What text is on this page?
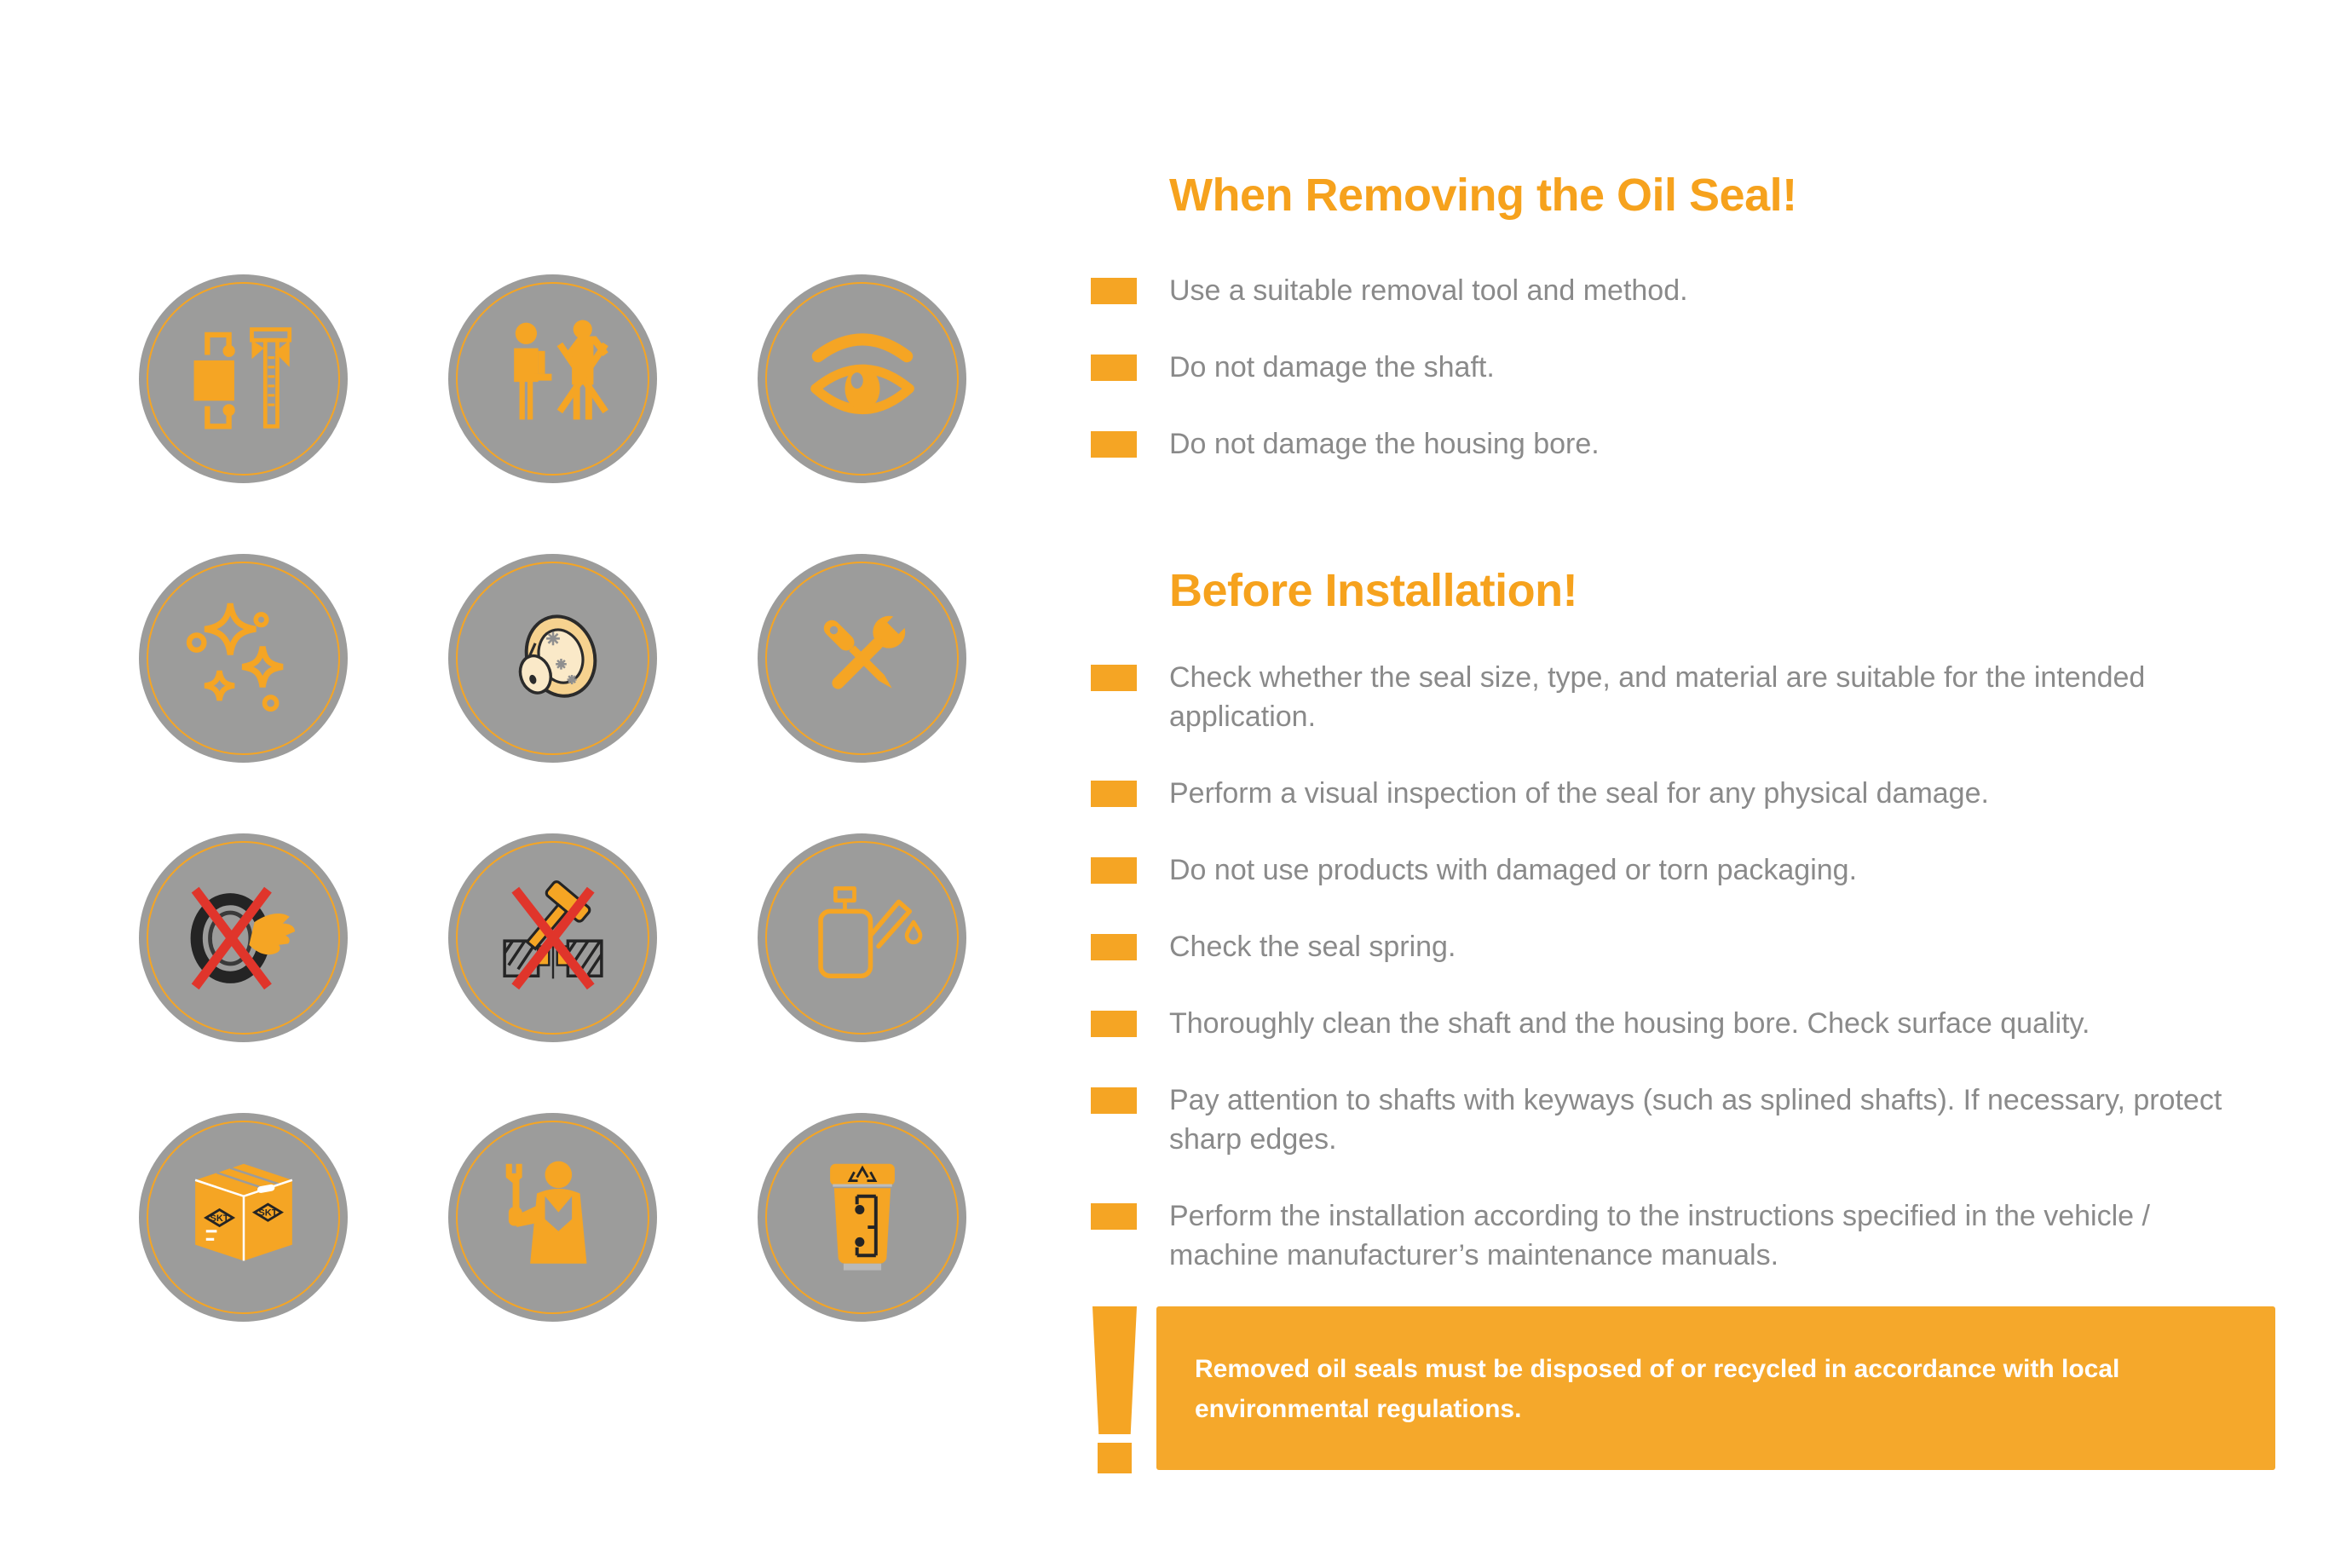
SKT
SKT
When Removing the Oil Seal!
Use a suitable removal tool and method.
Do not damage the shaft.
Do not damage the housing bore.
Before Installation!
Check whether the seal size, type, and material are suitable for the intended application.
Perform a visual inspection of the seal for any physical damage.
Do not use products with damaged or torn packaging.
Check the seal spring.
Thoroughly clean the shaft and the housing bore. Check surface quality.
Pay attention to shafts with keyways (such as splined shafts). If necessary, protect sharp edges.
Perform the installation according to the instructions specified in the vehicle / machine manufacturer’s maintenance manuals.

Removed oil seals must be disposed of or recycled in accordance with local environmental regulations.
